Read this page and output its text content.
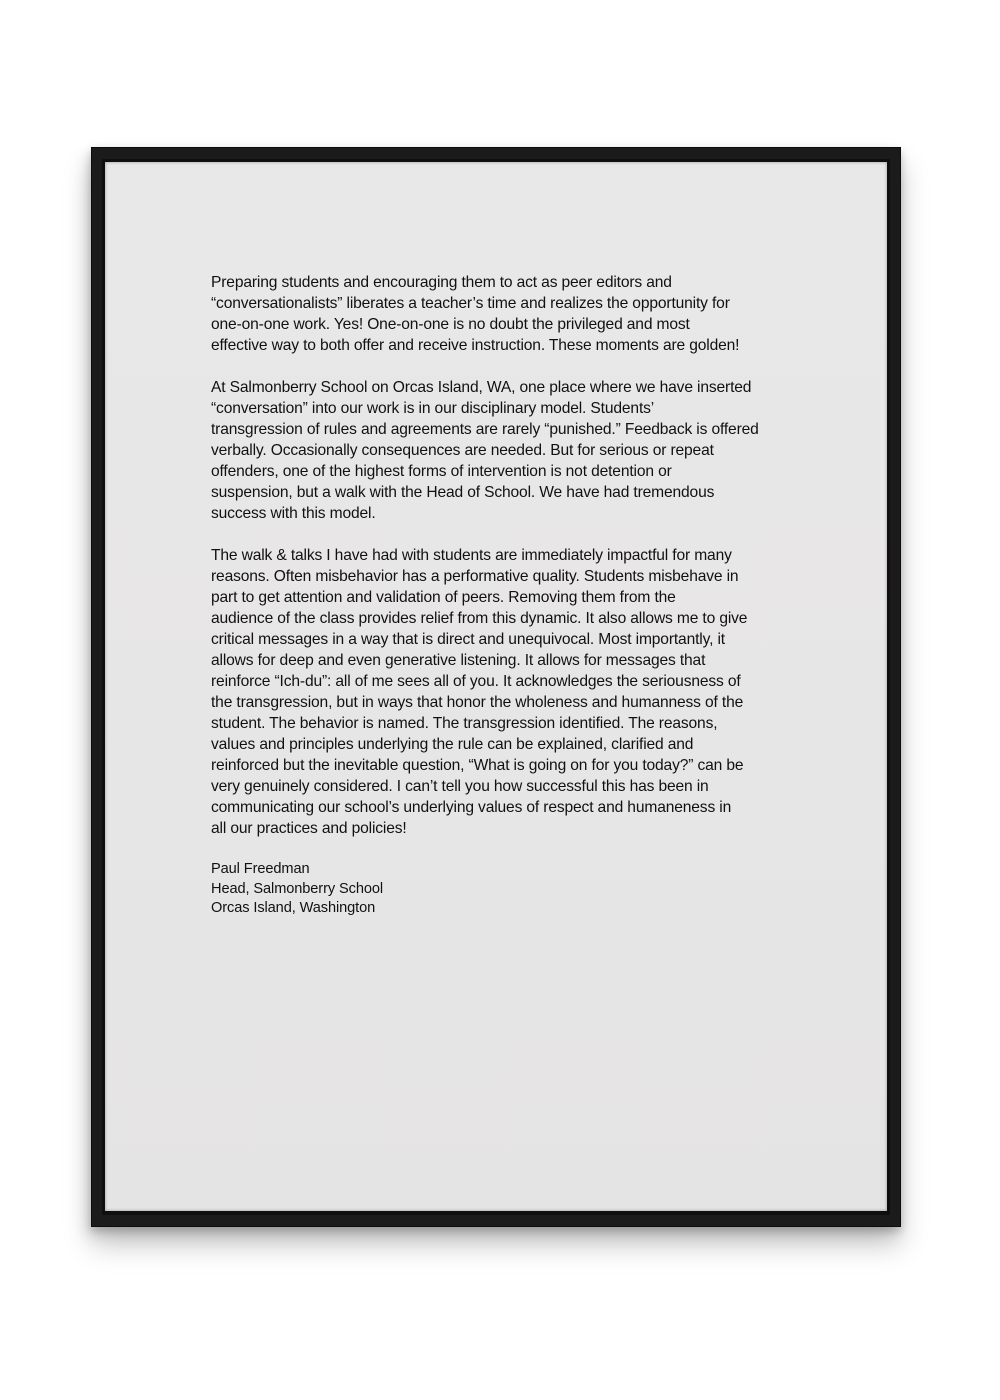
Preparing students and encouraging them to act as peer editors and
“conversationalists” liberates a teacher’s time and realizes the opportunity for
one-on-one work. Yes! One-on-one is no doubt the privileged and most
effective way to both offer and receive instruction. These moments are golden!

At Salmonberry School on Orcas Island, WA, one place where we have inserted
“conversation” into our work is in our disciplinary model. Students’
transgression of rules and agreements are rarely “punished.” Feedback is offered
verbally. Occasionally consequences are needed. But for serious or repeat
offenders, one of the highest forms of intervention is not detention or
suspension, but a walk with the Head of School. We have had tremendous
success with this model.

The walk & talks I have had with students are immediately impactful for many
reasons. Often misbehavior has a performative quality. Students misbehave in
part to get attention and validation of peers. Removing them from the
audience of the class provides relief from this dynamic. It also allows me to give
critical messages in a way that is direct and unequivocal. Most importantly, it
allows for deep and even generative listening. It allows for messages that
reinforce “Ich-du”: all of me sees all of you. It acknowledges the seriousness of
the transgression, but in ways that honor the wholeness and humanness of the
student. The behavior is named. The transgression identified. The reasons,
values and principles underlying the rule can be explained, clarified and
reinforced but the inevitable question, “What is going on for you today?” can be
very genuinely considered. I can’t tell you how successful this has been in
communicating our school’s underlying values of respect and humaneness in
all our practices and policies!

Paul Freedman
Head, Salmonberry School
Orcas Island, Washington
